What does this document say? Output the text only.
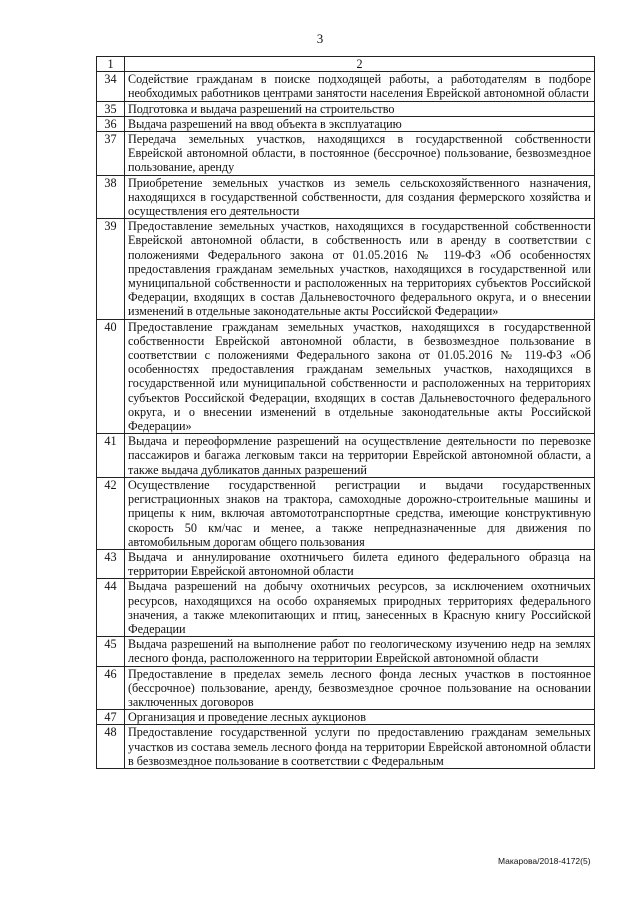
3
1	2
34	Содействие гражданам в поиске подходящей работы, а работодателям в подборе необходимых работников центрами занятости населения Еврейской автономной области
35	Подготовка и выдача разрешений на строительство
36	Выдача разрешений на ввод объекта в эксплуатацию
37	Передача земельных участков, находящихся в государственной собственности Еврейской автономной области, в постоянное (бессрочное) пользование, безвозмездное пользование, аренду
38	Приобретение земельных участков из земель сельскохозяйственного назначения, находящихся в государственной собственности, для создания фермерского хозяйства и осуществления его деятельности
39	Предоставление земельных участков, находящихся в государственной собственности Еврейской автономной области, в собственность или в аренду в соответствии с положениями Федерального закона от 01.05.2016 № 119-ФЗ «Об особенностях предоставления гражданам земельных участков, находящихся в государственной или муниципальной собственности и расположенных на территориях субъектов Российской Федерации, входящих в состав Дальневосточного федерального округа, и о внесении изменений в отдельные законодательные акты Российской Федерации»
40	Предоставление гражданам земельных участков, находящихся в государственной собственности Еврейской автономной области, в безвозмездное пользование в соответствии с положениями Федерального закона от 01.05.2016 № 119-ФЗ «Об особенностях предоставления гражданам земельных участков, находящихся в государственной или муниципальной собственности и расположенных на территориях субъектов Российской Федерации, входящих в состав Дальневосточного федерального округа, и о внесении изменений в отдельные законодательные акты Российской Федерации»
41	Выдача и переоформление разрешений на осуществление деятельности по перевозке пассажиров и багажа легковым такси на территории Еврейской автономной области, а также выдача дубликатов данных разрешений
42	Осуществление государственной регистрации и выдачи государственных регистрационных знаков на трактора, самоходные дорожно-строительные машины и прицепы к ним, включая автомототранспортные средства, имеющие конструктивную скорость 50 км/час и менее, а также непредназначенные для движения по автомобильным дорогам общего пользования
43	Выдача и аннулирование охотничьего билета единого федерального образца на территории Еврейской автономной области
44	Выдача разрешений на добычу охотничьих ресурсов, за исключением охотничьих ресурсов, находящихся на особо охраняемых природных территориях федерального значения, а также млекопитающих и птиц, занесенных в Красную книгу Российской Федерации
45	Выдача разрешений на выполнение работ по геологическому изучению недр на землях лесного фонда, расположенного на территории Еврейской автономной области
46	Предоставление в пределах земель лесного фонда лесных участков в постоянное (бессрочное) пользование, аренду, безвозмездное срочное пользование на основании заключенных договоров
47	Организация и проведение лесных аукционов
48	Предоставление государственной услуги по предоставлению гражданам земельных участков из состава земель лесного фонда на территории Еврейской автономной области в безвозмездное пользование в соответствии с Федеральным
Макарова/2018-4172(5)
